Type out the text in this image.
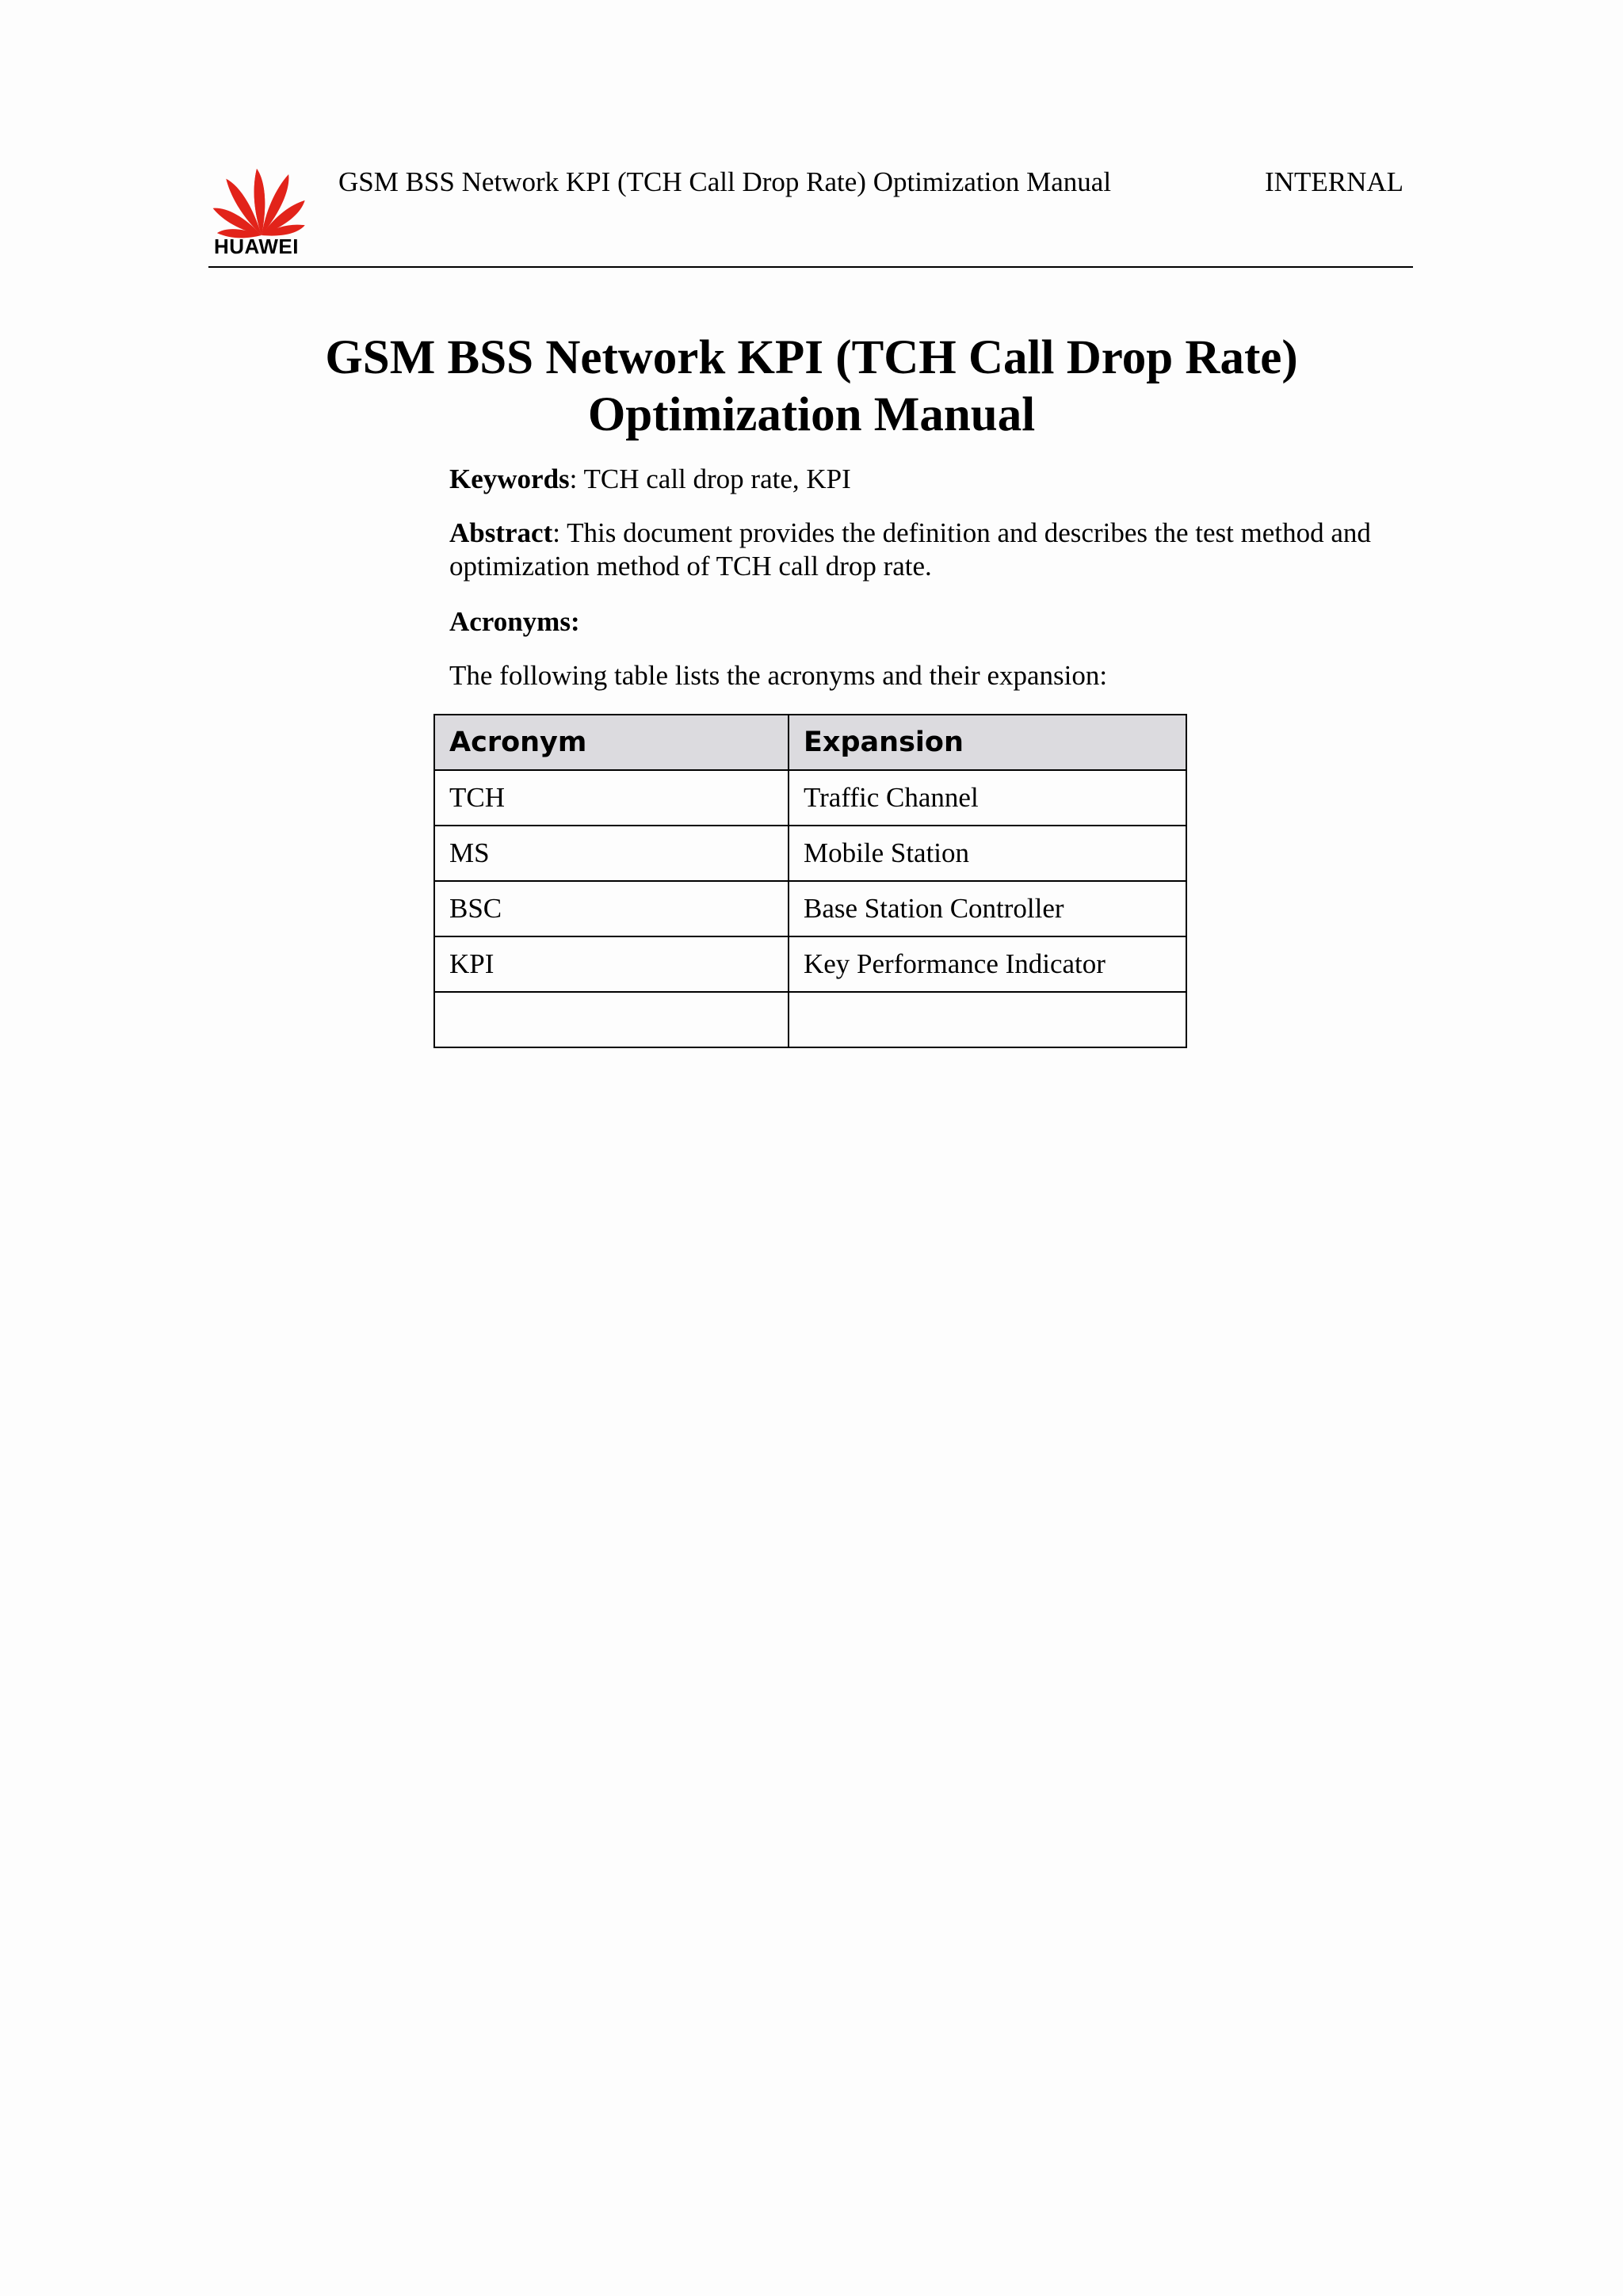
HUAWEI
GSM BSS Network KPI (TCH Call Drop Rate) Optimization Manual	INTERNAL
GSM BSS Network KPI (TCH Call Drop Rate)
Optimization Manual
Keywords: TCH call drop rate, KPI
Abstract: This document provides the definition and describes the test method and optimization method of TCH call drop rate.
Acronyms:
The following table lists the acronyms and their expansion:
Acronym	Expansion
TCH	Traffic Channel
MS	Mobile Station
BSC	Base Station Controller
KPI	Key Performance Indicator
